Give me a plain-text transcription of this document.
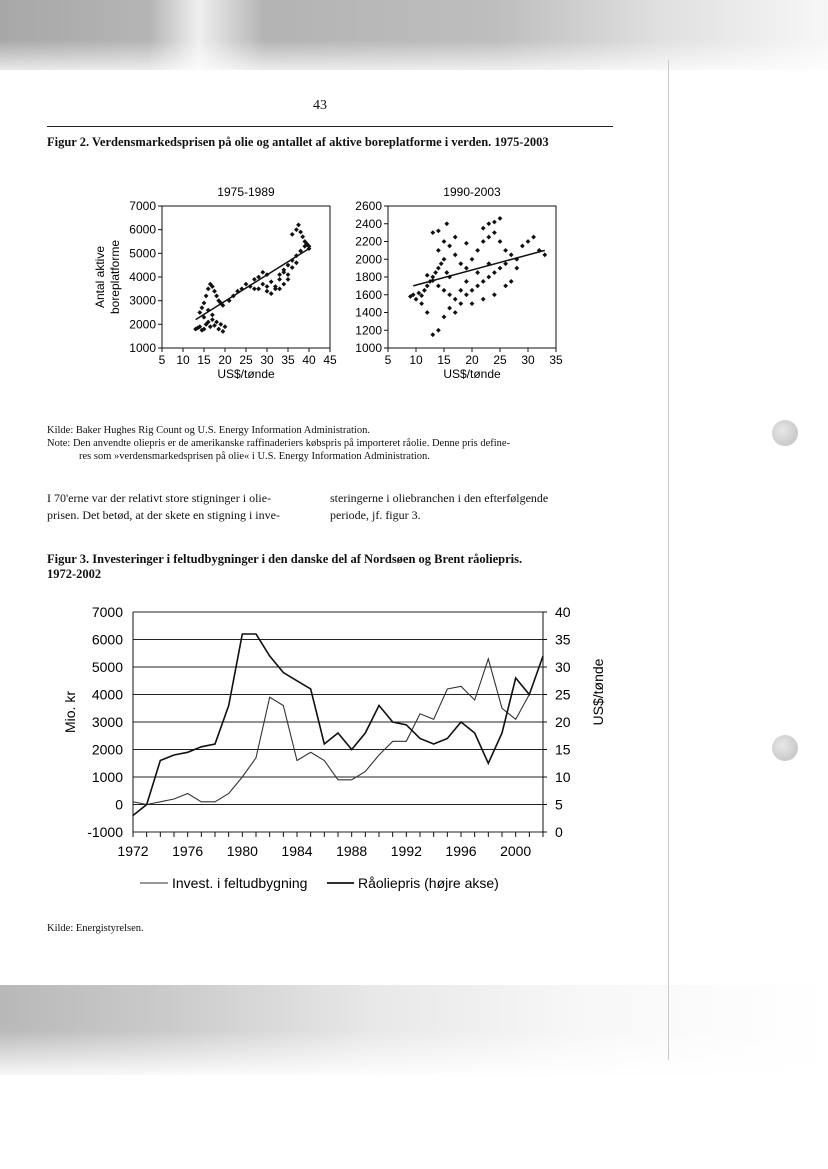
43
Figur 2. Verdensmarkedsprisen på olie og antallet af aktive boreplatforme i verden. 1975-2003
1975-1989
1000
2000
3000
4000
5000
6000
7000
5 10 15 20 25 30 35 40 45
US$/tønde
Antal aktive boreplatforme
1990-2003
1000
1200
1400
1600
1800
2000
2200
2400
2600
5 10 15 20 25 30 35
US$/tønde
Kilde: Baker Hughes Rig Count og U.S. Energy Information Administration.
Note: Den anvendte oliepris er de amerikanske raffinaderiers købspris på importeret råolie. Denne pris define-
res som »verdensmarkedsprisen på olie« i U.S. Energy Information Administration.
I 70'erne var der relativt store stigninger i olie-
prisen. Det betød, at der skete en stigning i inve-
steringerne i oliebranchen i den efterfølgende
periode, jf. figur 3.
Figur 3. Investeringer i feltudbygninger i den danske del af Nordsøen og Brent råoliepris.
1972-2002
-1000
0
1000
2000
3000
4000
5000
6000
7000
0
5
10
15
20
25
30
35
40
1972 1976 1980 1984 1988 1992 1996 2000
Mio. kr	US$/tønde
Invest. i feltudbygning	Råoliepris (højre akse)
Kilde: Energistyrelsen.
